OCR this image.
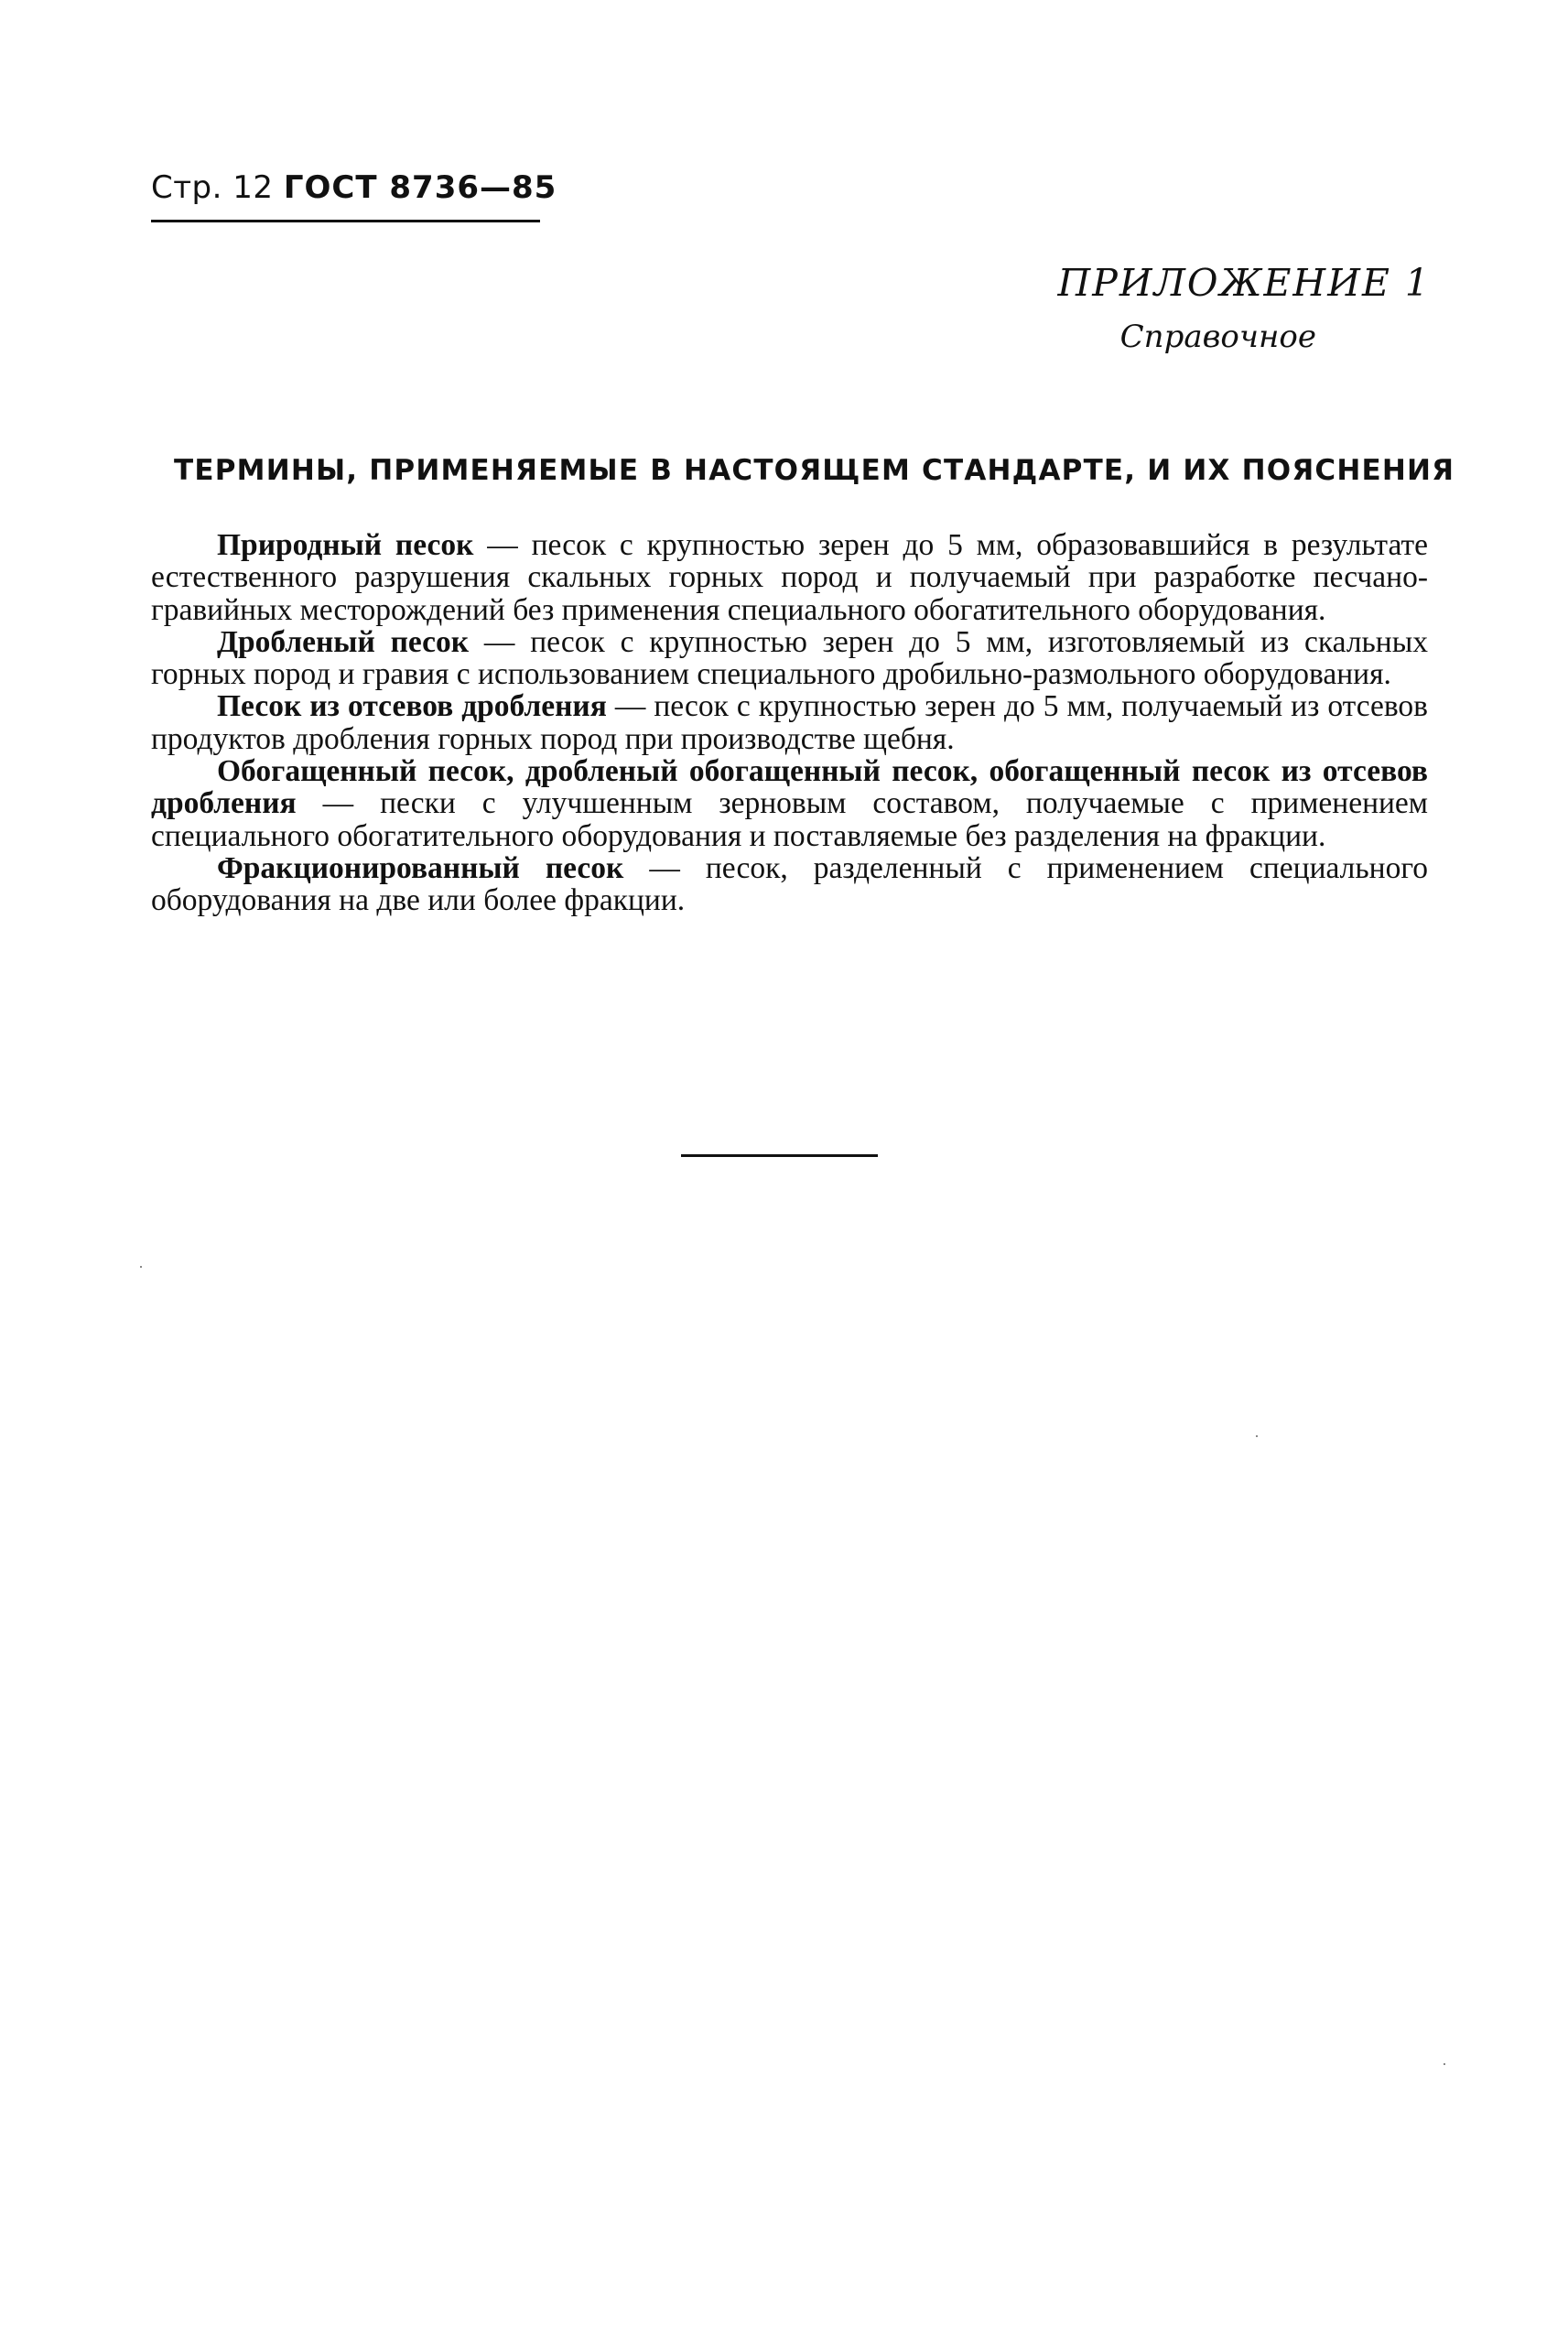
Стр. 12 ГОСТ 8736—85
ПРИЛОЖЕНИЕ 1
Справочное
ТЕРМИНЫ, ПРИМЕНЯЕМЫЕ В НАСТОЯЩЕМ СТАНДАРТЕ, И ИХ ПОЯСНЕНИЯ

Природный песок — песок с крупностью зерен до 5 мм, образовавшийся в результате естественного разрушения скальных горных пород и получаемый при разработке песчано-гравийных месторождений без применения специального обогатительного оборудования.

Дробленый песок — песок с крупностью зерен до 5 мм, изготовляемый из скальных горных пород и гравия с использованием специального дробильно-размольного оборудования.

Песок из отсевов дробления — песок с крупностью зерен до 5 мм, получаемый из отсевов продуктов дробления горных пород при производстве щебня.

Обогащенный песок, дробленый обогащенный песок, обогащенный песок из отсевов дробления — пески с улучшенным зерновым составом, получаемые с применением специального обогатительного оборудования и поставляемые без разделения на фракции.

Фракционированный песок — песок, разделенный с применением специального оборудования на две или более фракции.
